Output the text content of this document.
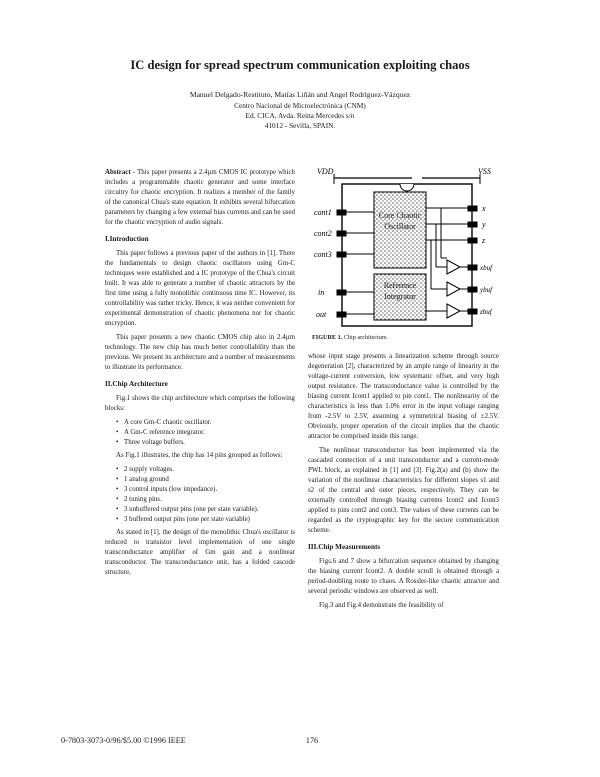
IC design for spread spectrum communication exploiting chaos
Manuel Delgado-Restituto, Matías Liñán and Angel Rodríguez-Vázquez
Centro Nacional de Microelectrónica (CNM)
Ed. CICA, Avda. Reina Mercedes s/n
41012 - Sevilla, SPAIN.

Abstract - This paper presents a 2.4µm CMOS IC prototype which includes a programmable chaotic generator and some interface circuitry for chaotic encryption. It realizes a member of the family of the canonical Chua's state equation. It exhibits several bifurcation parameters by changing a few external bias currents and can be used for the chaotic encryption of audio signals.

I.Introduction

This paper follows a previous paper of the authors in [1]. There the fundamentals to design chaotic oscillators using Gm-C techniques were established and a IC prototype of the Chua's circuit built. It was able to generate a number of chaotic attractors by the first time using a fully monolithic continuous time IC. However, its controllability was rather tricky. Hence, it was neither convenient for experimental demonstration of chaotic phenomena nor for chaotic encryption.

This paper presents a new chaotic CMOS chip also in 2.4µm technology. The new chip has much better controllability than the previous. We present its architecture and a number of measurements to illustrate its performance.

II.Chip Architecture

Fig.1 shows the chip architecture which comprises the following blocks:

• A core Gm-C chaotic oscillator.
• A Gm-C reference integrator.
• Three voltage buffers.

As Fig.1 illustrates, the chip has 14 pins grouped as follows:

• 2 supply voltages.
• 1 analog ground
• 3 control inputs (low impedance).
• 2 tuning pins.
• 3 unbuffered output pins (one per state variable).
• 3 buffered output pins (one per state variable)

As stated in [1], the design of the monolithic Chua's oscillator is reduced to transistor level implementation of one single transconductance amplifier of Gm gain and a nonlinear transconductor. The transconductance unit, has a folded cascode structure,

VDD	VSS
Core Chaotic Oscillator
Reference Integrator
cont1
cont2
cont3
in
out
x
y
z
xbuf
ybuf
zbuf
FIGURE 1. Chip architecture.

whose input stage presents a linearization scheme through source degeneration [2], characterized by an ample range of linearity in the voltage-current conversion, low systematic offset, and very high output resistance. The transconductance value is controlled by the biasing current Icont1 applied to pin cont1. The nonlinearity of the characteristics is less than 1.0% error in the input voltage ranging from -2.5V to 2.5V, assuming a symmetrical biasing of ±2.5V. Obviously, proper operation of the circuit implies that the chaotic attractor be comprised inside this range.

The nonlinear transconductor has been implemented via the cascaded connection of a unit transconductor and a current-mode PWL block, as explained in [1] and [3]. Fig.2(a) and (b) show the variation of the nonlinear characteristics for different slopes s1 and s2 of the central and outer pieces, respectively. They can be externally controlled through biasing currents Icont2 and Icont3 applied to pins cont2 and cont3. The values of these currents can be regarded as the cryptographic key for the secure communication scheme.

III.Chip Measurements

Figs.6 and 7 show a bifurcation sequence obtained by changing the biasing current Icont2. A double scroll is obtained through a period-doubling route to chaos. A Rossler-like chaotic attractor and several periodic windows are observed as well.

Fig.3 and Fig.4 demonstrate the feasibility of

0-7803-3073-0/96/$5.00 ©1996 IEEE	176
